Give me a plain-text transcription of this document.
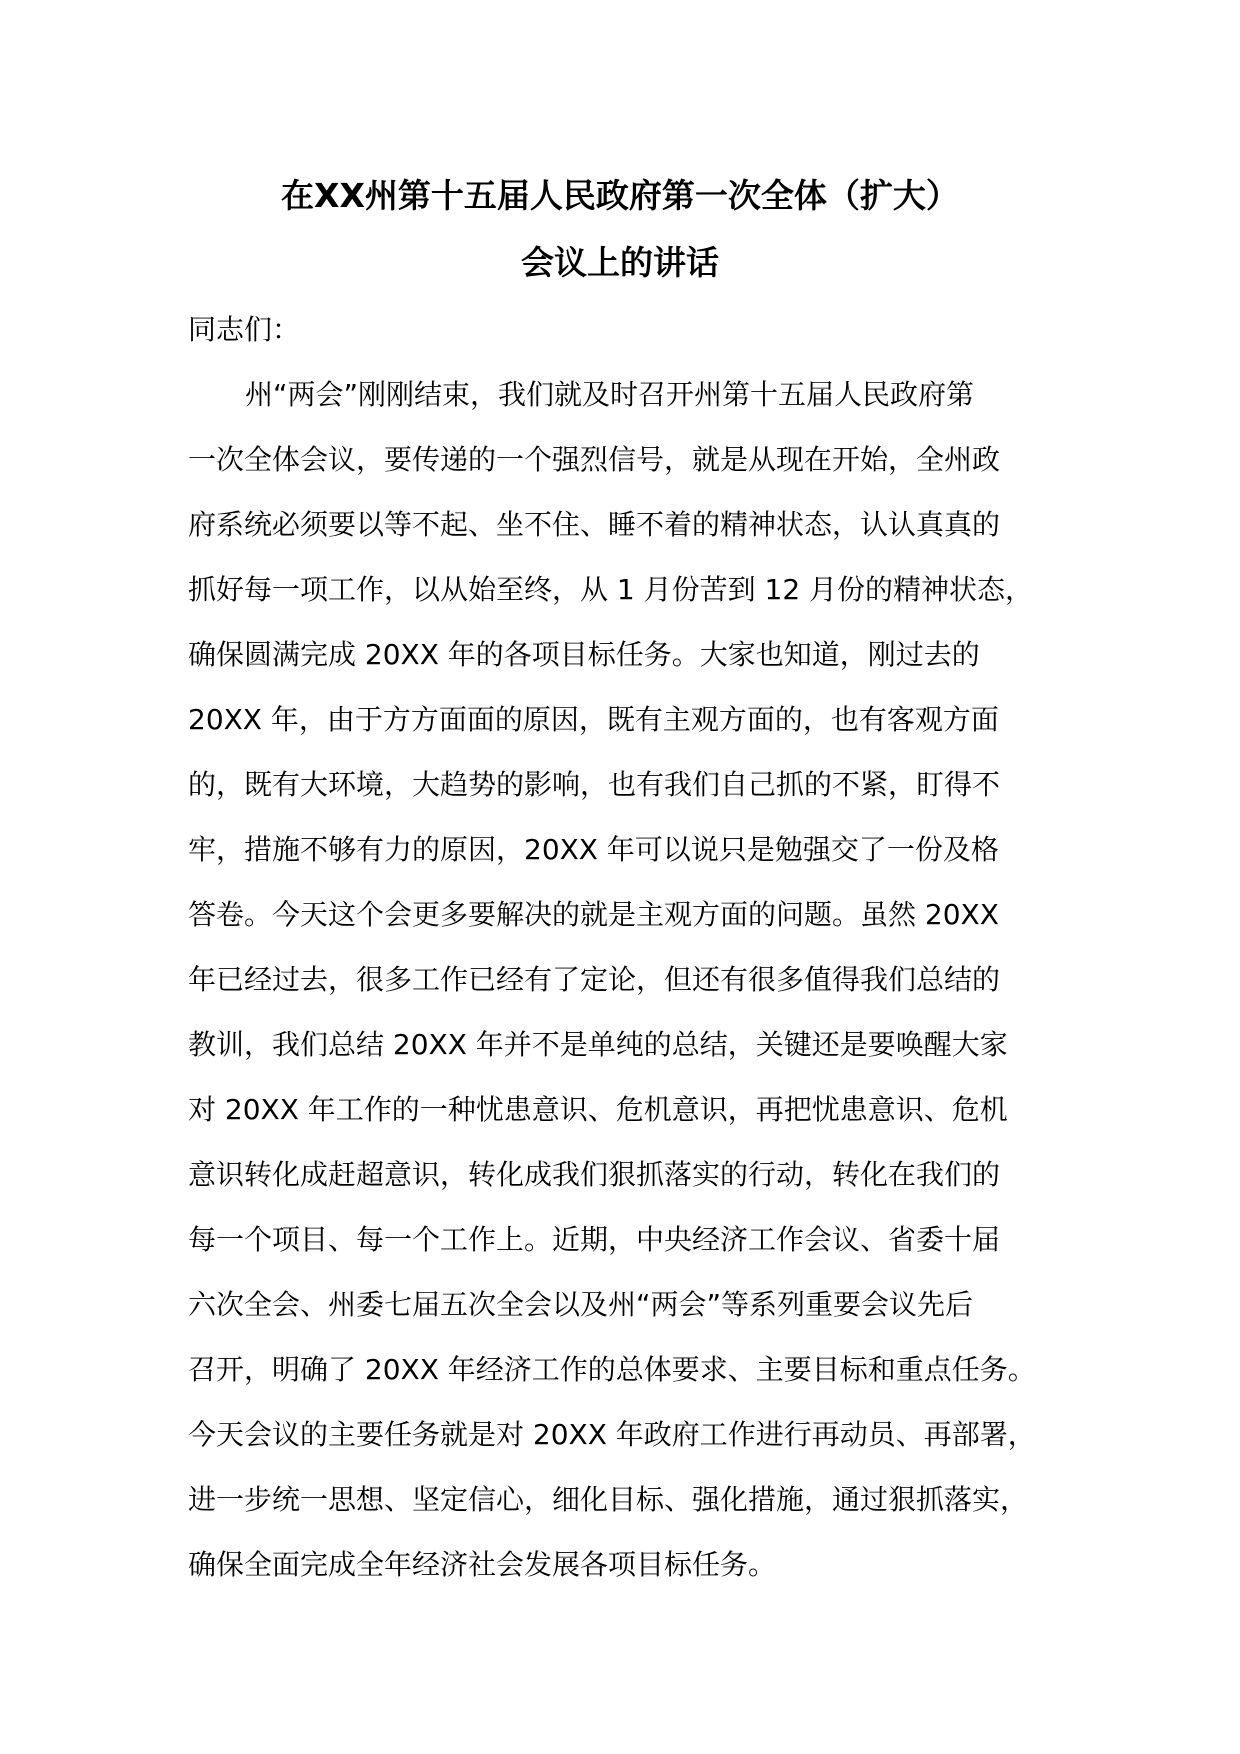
在XX州第十五届人民政府第一次全体（扩大）
会议上的讲话
同志们：
州“两会”刚刚结束，我们就及时召开州第十五届人民政府第
一次全体会议，要传递的一个强烈信号，就是从现在开始，全州政
府系统必须要以等不起、坐不住、睡不着的精神状态，认认真真的
抓好每一项工作，以从始至终，从 1 月份苦到 12 月份的精神状态，
确保圆满完成 20XX 年的各项目标任务。大家也知道，刚过去的
20XX 年，由于方方面面的原因，既有主观方面的，也有客观方面
的，既有大环境，大趋势的影响，也有我们自己抓的不紧，盯得不
牢，措施不够有力的原因，20XX 年可以说只是勉强交了一份及格
答卷。今天这个会更多要解决的就是主观方面的问题。虽然 20XX
年已经过去，很多工作已经有了定论，但还有很多值得我们总结的
教训，我们总结 20XX 年并不是单纯的总结，关键还是要唤醒大家
对 20XX 年工作的一种忧患意识、危机意识，再把忧患意识、危机
意识转化成赶超意识，转化成我们狠抓落实的行动，转化在我们的
每一个项目、每一个工作上。近期，中央经济工作会议、省委十届
六次全会、州委七届五次全会以及州“两会”等系列重要会议先后
召开，明确了 20XX 年经济工作的总体要求、主要目标和重点任务。
今天会议的主要任务就是对 20XX 年政府工作进行再动员、再部署，
进一步统一思想、坚定信心，细化目标、强化措施，通过狠抓落实，
确保全面完成全年经济社会发展各项目标任务。
